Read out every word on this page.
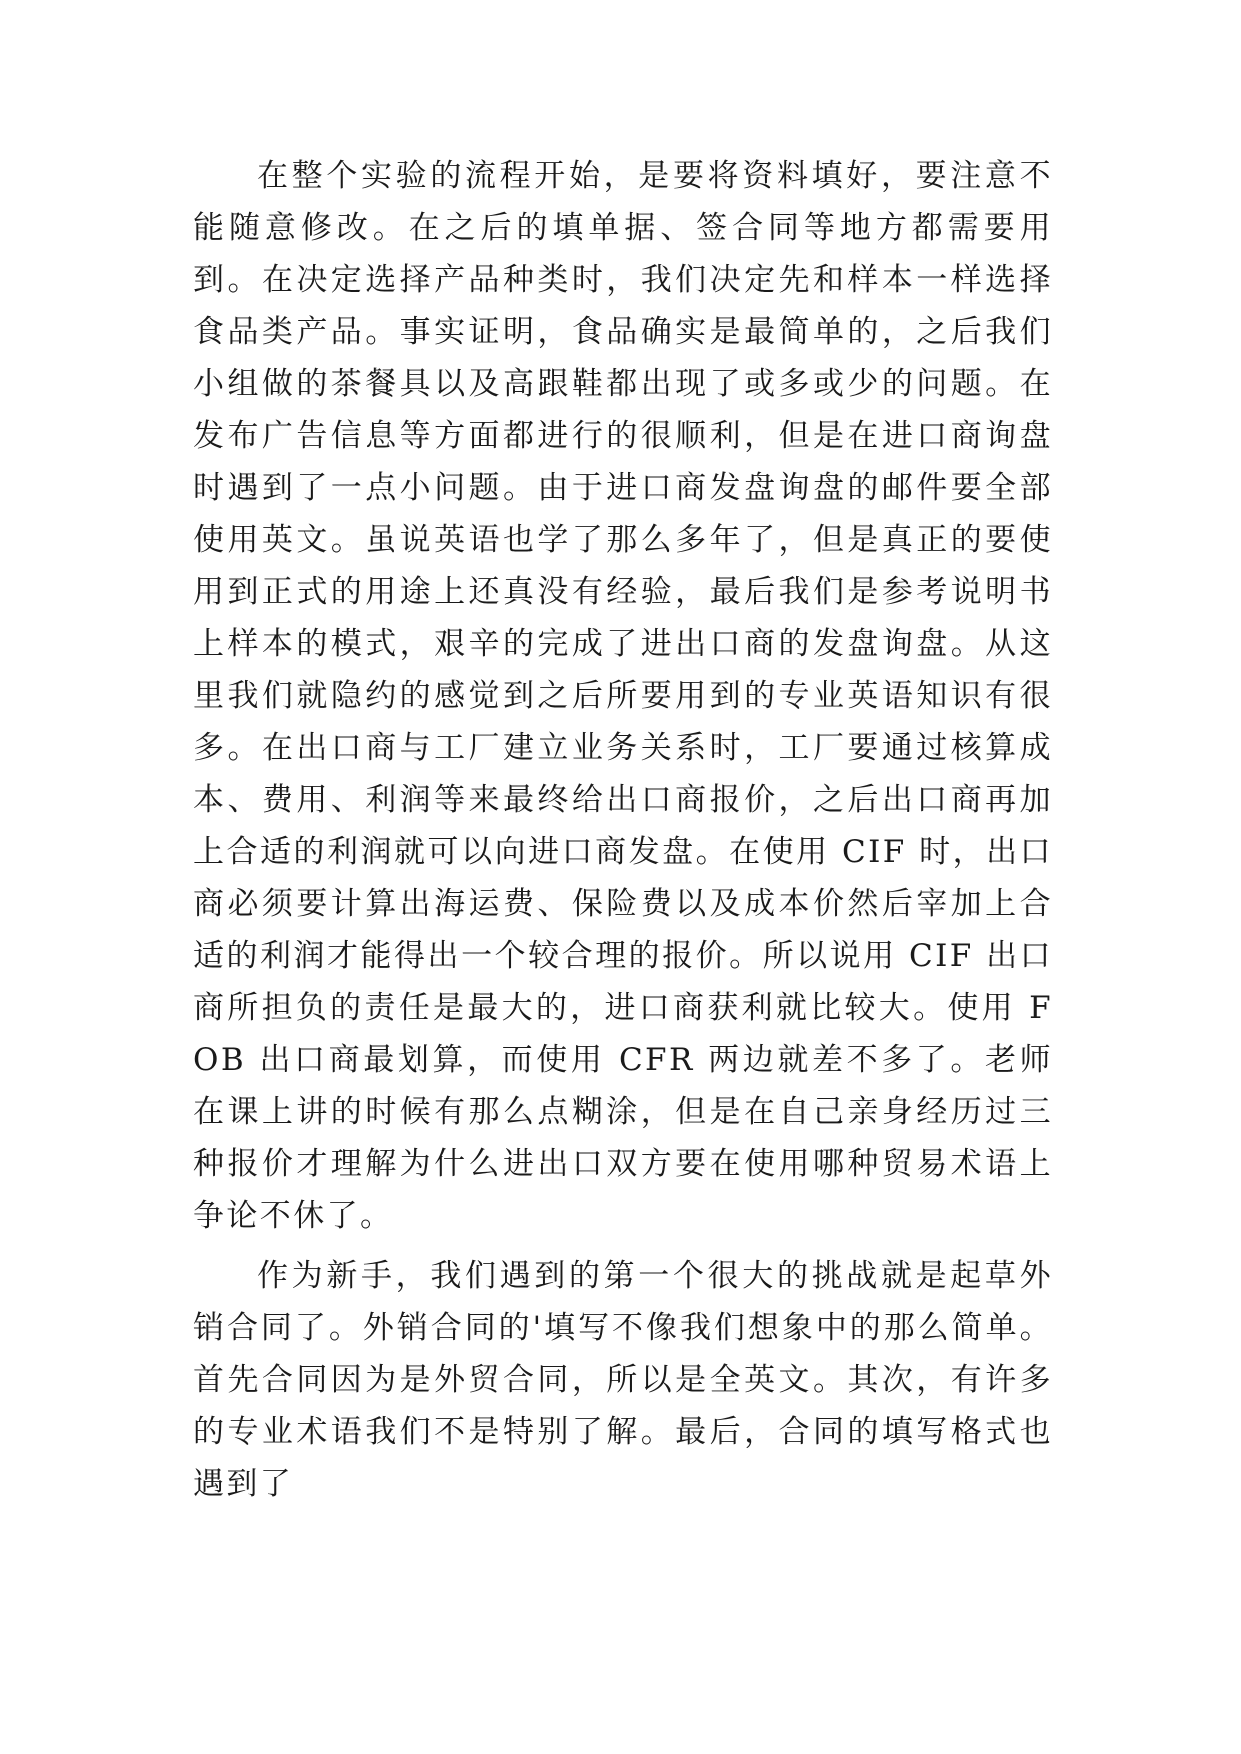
在整个实验的流程开始，是要将资料填好，要注意不能随意修改。在之后的填单据、签合同等地方都需要用到。在决定选择产品种类时，我们决定先和样本一样选择食品类产品。事实证明，食品确实是最简单的，之后我们小组做的茶餐具以及高跟鞋都出现了或多或少的问题。在发布广告信息等方面都进行的很顺利，但是在进口商询盘时遇到了一点小问题。由于进口商发盘询盘的邮件要全部使用英文。虽说英语也学了那么多年了，但是真正的要使用到正式的用途上还真没有经验，最后我们是参考说明书上样本的模式，艰辛的完成了进出口商的发盘询盘。从这里我们就隐约的感觉到之后所要用到的专业英语知识有很多。在出口商与工厂建立业务关系时，工厂要通过核算成本、费用、利润等来最终给出口商报价，之后出口商再加上合适的利润就可以向进口商发盘。在使用 CIF 时，出口商必须要计算出海运费、保险费以及成本价然后宰加上合适的利润才能得出一个较合理的报价。所以说用 CIF 出口商所担负的责任是最大的，进口商获利就比较大。使用 FOB 出口商最划算，而使用 CFR 两边就差不多了。老师在课上讲的时候有那么点糊涂，但是在自己亲身经历过三种报价才理解为什么进出口双方要在使用哪种贸易术语上争论不休了。

作为新手，我们遇到的第一个很大的挑战就是起草外销合同了。外销合同的'填写不像我们想象中的那么简单。首先合同因为是外贸合同，所以是全英文。其次，有许多的专业术语我们不是特别了解。最后，合同的填写格式也遇到了
